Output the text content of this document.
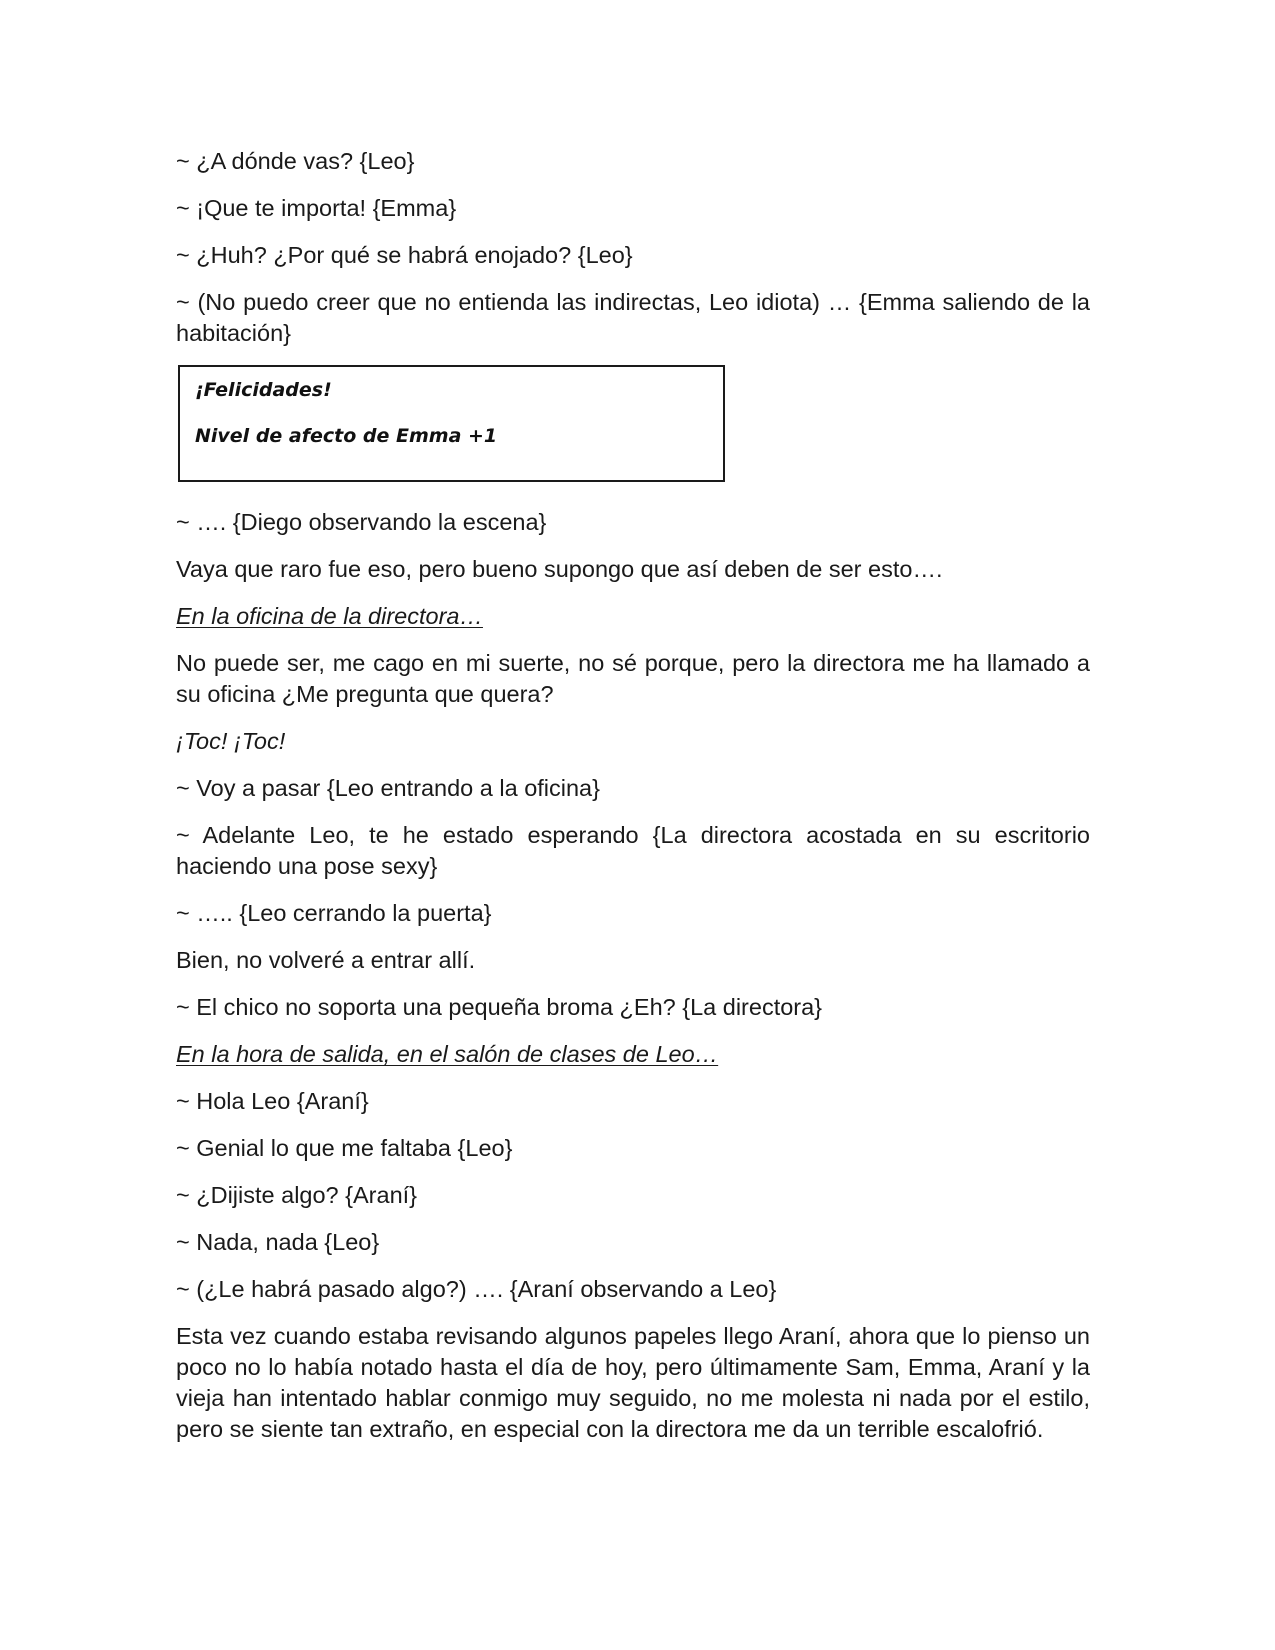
~ ¿A dónde vas? {Leo}

~ ¡Que te importa! {Emma}

~ ¿Huh? ¿Por qué se habrá enojado? {Leo}

~ (No puedo creer que no entienda las indirectas, Leo idiota) … {Emma saliendo de la habitación}

¡Felicidades!

Nivel de afecto de Emma +1

~ …. {Diego observando la escena}

Vaya que raro fue eso, pero bueno supongo que así deben de ser esto….

En la oficina de la directora…

No puede ser, me cago en mi suerte, no sé porque, pero la directora me ha llamado a su oficina ¿Me pregunta que quera?

¡Toc! ¡Toc!

~ Voy a pasar {Leo entrando a la oficina}

~ Adelante Leo, te he estado esperando {La directora acostada en su escritorio haciendo una pose sexy}

~ ….. {Leo cerrando la puerta}

Bien, no volveré a entrar allí.

~ El chico no soporta una pequeña broma ¿Eh? {La directora}

En la hora de salida, en el salón de clases de Leo…

~ Hola Leo {Araní}

~ Genial lo que me faltaba {Leo}

~ ¿Dijiste algo? {Araní}

~ Nada, nada {Leo}

~ (¿Le habrá pasado algo?) …. {Araní observando a Leo}

Esta vez cuando estaba revisando algunos papeles llego Araní, ahora que lo pienso un poco no lo había notado hasta el día de hoy, pero últimamente Sam, Emma, Araní y la vieja han intentado hablar conmigo muy seguido, no me molesta ni nada por el estilo, pero se siente tan extraño, en especial con la directora me da un terrible escalofrió.
